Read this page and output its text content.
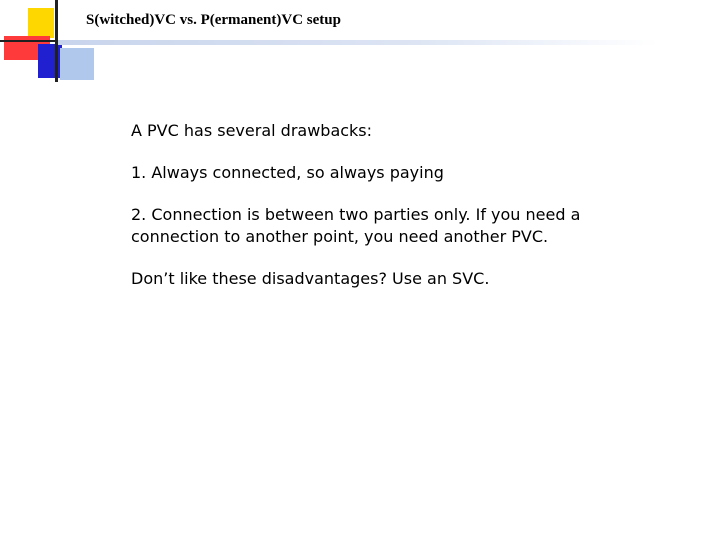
S(witched)VC vs. P(ermanent)VC setup

A PVC has several drawbacks:

1. Always connected, so always paying

2. Connection is between two parties only. If you need a connection to another point, you need another PVC.

Don’t like these disadvantages? Use an SVC.
